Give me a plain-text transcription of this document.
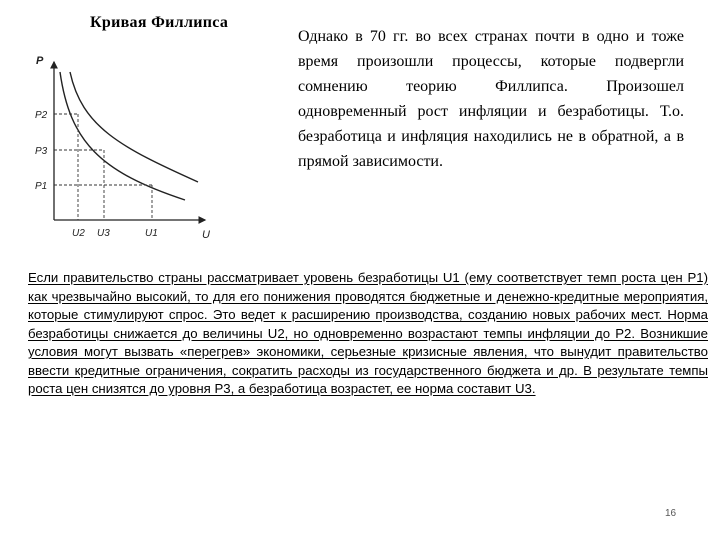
Кривая Филлипса
P
U
P2
P3
P1
U2 U3	U1
Однако в 70 гг. во всех странах почти в одно и тоже время произошли процессы, которые подвергли сомнению теорию Филлипса. Произошел одновременный рост инфляции и безработицы. Т.о. безработица и инфляция находились не в обратной, а в прямой зависимости.
Если правительство страны рассматривает уровень безработицы U1 (ему соответствует темп роста цен P1) как чрезвычайно высокий, то для его понижения проводятся бюджетные и денежно-кредитные мероприятия, которые стимулируют спрос. Это ведет к расширению производства, созданию новых рабочих мест. Норма безработицы снижается до величины U2, но одновременно возрастают темпы инфляции до P2. Возникшие условия могут вызвать «перегрев» экономики, серьезные кризисные явления, что вынудит правительство ввести кредитные ограничения, сократить расходы из государственного бюджета и др. В результате темпы роста цен снизятся до уровня P3, а безработица возрастет, ее норма составит U3.
16
